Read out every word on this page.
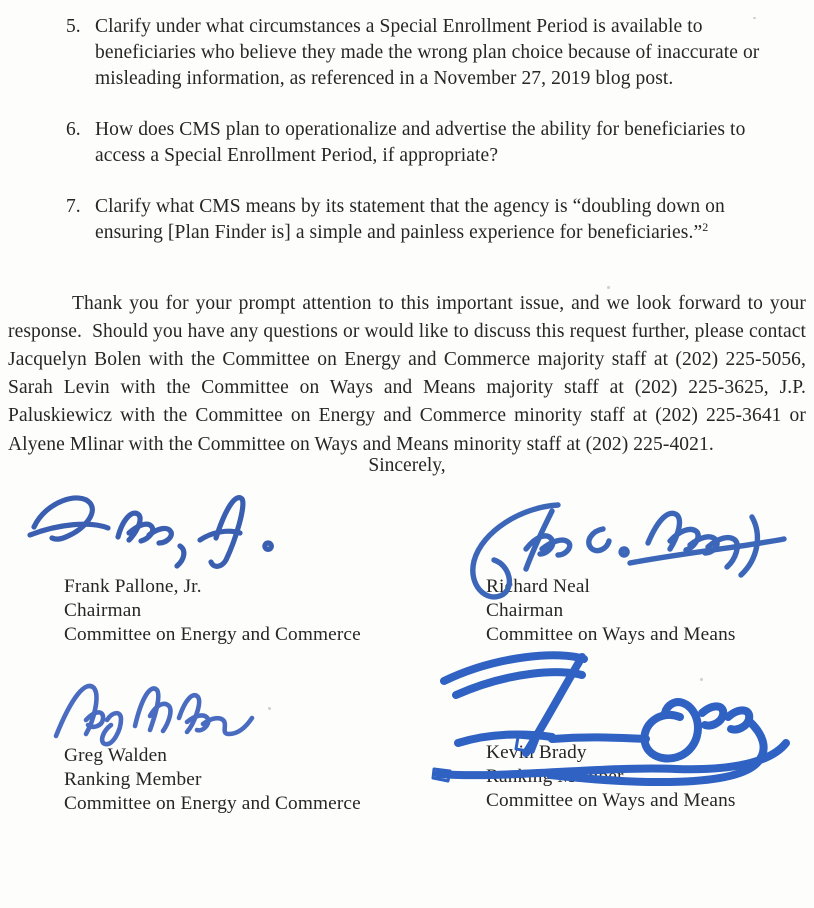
5. Clarify under what circumstances a Special Enrollment Period is available to beneficiaries who believe they made the wrong plan choice because of inaccurate or misleading information, as referenced in a November 27, 2019 blog post.
6. How does CMS plan to operationalize and advertise the ability for beneficiaries to access a Special Enrollment Period, if appropriate?
7. Clarify what CMS means by its statement that the agency is “doubling down on ensuring [Plan Finder is] a simple and painless experience for beneficiaries.”$^2$

Thank you for your prompt attention to this important issue, and we look forward to your response.  Should you have any questions or would like to discuss this request further, please contact Jacquelyn Bolen with the Committee on Energy and Commerce majority staff at (202) 225-5056, Sarah Levin with the Committee on Ways and Means majority staff at (202) 225-3625, J.P. Paluskiewicz with the Committee on Energy and Commerce minority staff at (202) 225-3641 or Alyene Mlinar with the Committee on Ways and Means minority staff at (202) 225-4021.

Sincerely,
Frank Pallone, Jr.
Chairman
Committee on Energy and Commerce
Richard Neal
Chairman
Committee on Ways and Means
Greg Walden
Ranking Member
Committee on Energy and Commerce
Kevin Brady
Ranking Member
Committee on Ways and Means
